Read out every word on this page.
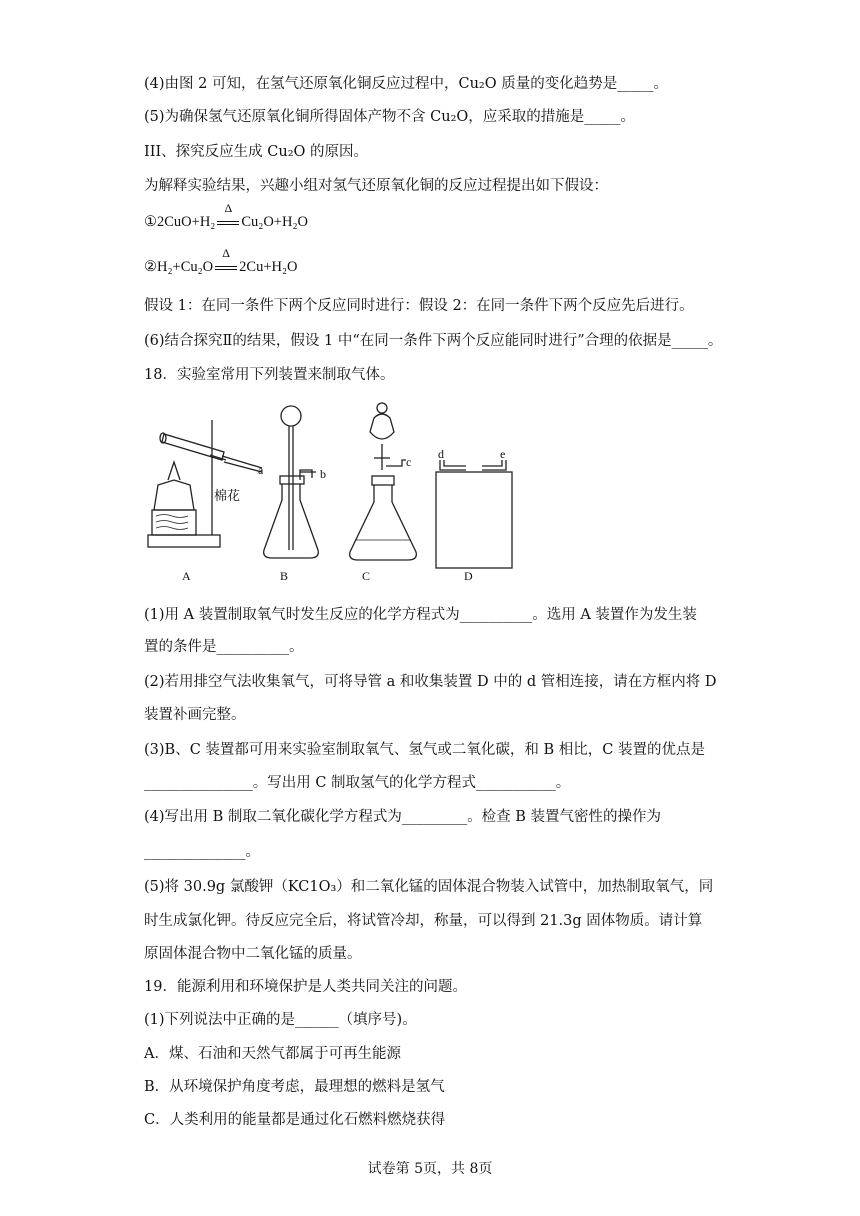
(4)由图 2 可知，在氢气还原氧化铜反应过程中，Cu₂O 质量的变化趋势是_____。
(5)为确保氢气还原氧化铜所得固体产物不含 Cu₂O，应采取的措施是_____。
III、探究反应生成 Cu₂O 的原因。
为解释实验结果，兴趣小组对氢气还原氧化铜的反应过程提出如下假设：
①2CuO+H₂
Δ
Cu₂O+H₂O
②H₂+Cu₂O
Δ
2Cu+H₂O
假设 1：在同一条件下两个反应同时进行：假设 2：在同一条件下两个反应先后进行。
(6)结合探究Ⅱ的结果，假设 1 中“在同一条件下两个反应能同时进行”合理的依据是_____。
18．实验室常用下列装置来制取气体。
a	b
c
d	e
棉花
A	B	C	D
(1)用 A 装置制取氧气时发生反应的化学方程式为__________。选用 A 装置作为发生装
置的条件是__________。
(2)若用排空气法收集氧气，可将导管 a 和收集装置 D 中的 d 管相连接，请在方框内将 D
装置补画完整。
(3)B、C 装置都可用来实验室制取氧气、氢气或二氧化碳，和 B 相比，C 装置的优点是
_______________。写出用 C 制取氢气的化学方程式___________。
(4)写出用 B 制取二氧化碳化学方程式为_________。检查 B 装置气密性的操作为
______________。
(5)将 30.9g 氯酸钾（KC1O₃）和二氧化锰的固体混合物装入试管中，加热制取氧气，同
时生成氯化钾。待反应完全后，将试管冷却，称量，可以得到 21.3g 固体物质。请计算
原固体混合物中二氧化锰的质量。
19．能源利用和环境保护是人类共同关注的问题。
(1)下列说法中正确的是______（填序号)。
A．煤、石油和天然气都属于可再生能源
B．从环境保护角度考虑，最理想的燃料是氢气
C．人类利用的能量都是通过化石燃料燃烧获得
试卷第 5页，共 8页
